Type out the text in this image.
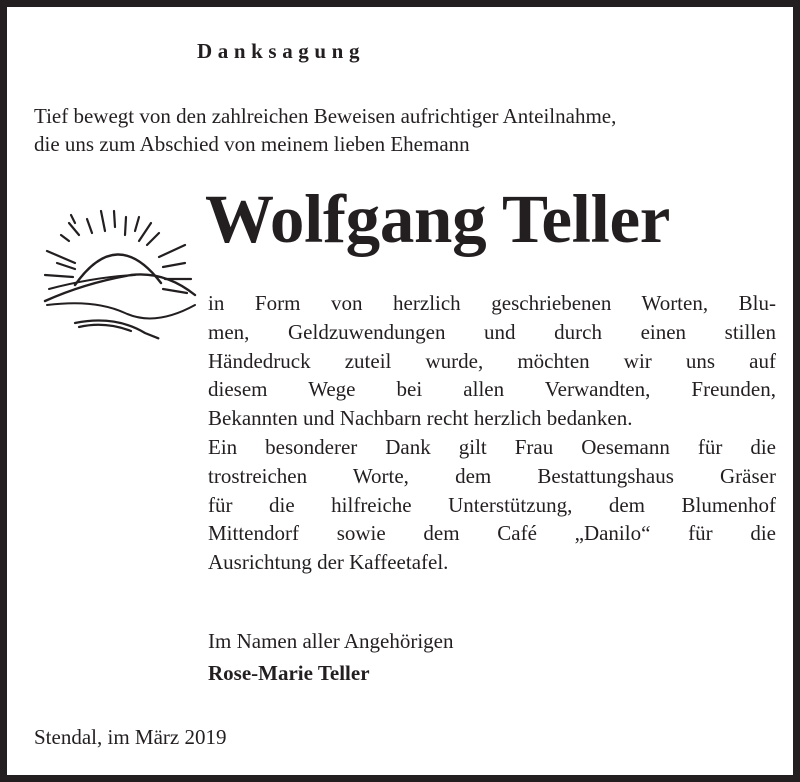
Danksagung
Tief bewegt von den zahlreichen Beweisen aufrichtiger Anteilnahme,
die uns zum Abschied von meinem lieben Ehemann
Wolfgang Teller
in Form von herzlich geschriebenen Worten, Blu-
men, Geldzuwendungen und durch einen stillen
Händedruck zuteil wurde, möchten wir uns auf
diesem Wege bei allen Verwandten, Freunden,
Bekannten und Nachbarn recht herzlich bedanken.
Ein besonderer Dank gilt Frau Oesemann für die
trostreichen Worte, dem Bestattungshaus Gräser
für die hilfreiche Unterstützung, dem Blumenhof
Mittendorf sowie dem Café „Danilo“ für die
Ausrichtung der Kaffeetafel.
Im Namen aller Angehörigen
Rose-Marie Teller
Stendal, im März 2019
